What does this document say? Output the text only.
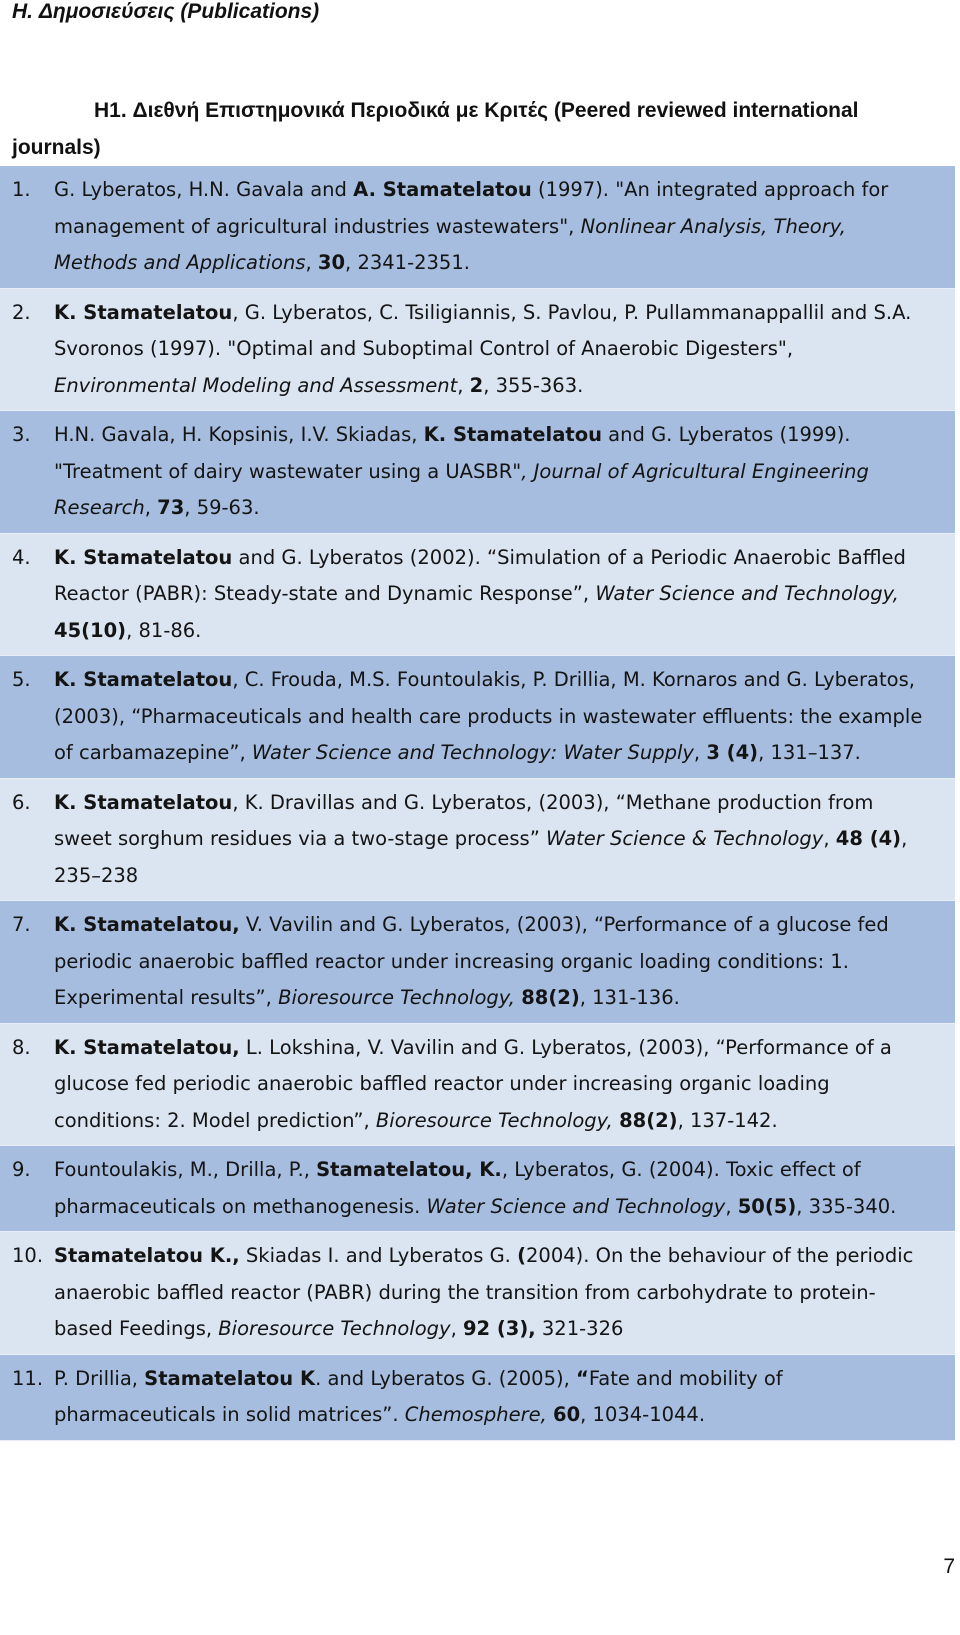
H. Δημοσιεύσεις (Publications)

H1. Διεθνή Επιστημονικά Περιοδικά με Κριτές (Peered reviewed international journals)

1.	G. Lyberatos, H.N. Gavala and A. Stamatelatou (1997). "An integrated approach for management of agricultural industries wastewaters", Nonlinear Analysis, Theory, Methods and Applications, 30, 2341-2351.
2.	K. Stamatelatou, G. Lyberatos, C. Tsiligiannis, S. Pavlou, P. Pullammanappallil and S.A. Svoronos (1997). "Optimal and Suboptimal Control of Anaerobic Digesters", Environmental Modeling and Assessment, 2, 355-363.
3.	H.N. Gavala, H. Kopsinis, I.V. Skiadas, K. Stamatelatou and G. Lyberatos (1999). "Treatment of dairy wastewater using a UASBR", Journal of Agricultural Engineering Research, 73, 59-63.
4.	K. Stamatelatou and G. Lyberatos (2002). “Simulation of a Periodic Anaerobic Baffled Reactor (PABR): Steady-state and Dynamic Response”, Water Science and Technology, 45(10), 81-86.
5.	K. Stamatelatou, C. Frouda, M.S. Fountoulakis, P. Drillia, M. Kornaros and G. Lyberatos, (2003), “Pharmaceuticals and health care products in wastewater effluents: the example of carbamazepine”, Water Science and Technology: Water Supply, 3 (4), 131–137.
6.	K. Stamatelatou, K. Dravillas and G. Lyberatos, (2003), “Methane production from sweet sorghum residues via a two-stage process” Water Science & Technology, 48 (4), 235–238
7.	K. Stamatelatou, V. Vavilin and G. Lyberatos, (2003), “Performance of a glucose fed periodic anaerobic baffled reactor under increasing organic loading conditions: 1. Experimental results”, Bioresource Technology, 88(2), 131-136.
8.	K. Stamatelatou, L. Lokshina, V. Vavilin and G. Lyberatos, (2003), “Performance of a glucose fed periodic anaerobic baffled reactor under increasing organic loading conditions: 2. Model prediction”, Bioresource Technology, 88(2), 137-142.
9.	Fountoulakis, M., Drilla, P., Stamatelatou, K., Lyberatos, G. (2004). Toxic effect of pharmaceuticals on methanogenesis. Water Science and Technology, 50(5), 335-340.
10. Stamatelatou K., Skiadas I. and Lyberatos G. (2004). On the behaviour of the periodic anaerobic baffled reactor (PABR) during the transition from carbohydrate to protein-based Feedings, Bioresource Technology, 92 (3), 321-326
11. P. Drillia, Stamatelatou K. and Lyberatos G. (2005), “Fate and mobility of pharmaceuticals in solid matrices”. Chemosphere, 60, 1034-1044.
7
